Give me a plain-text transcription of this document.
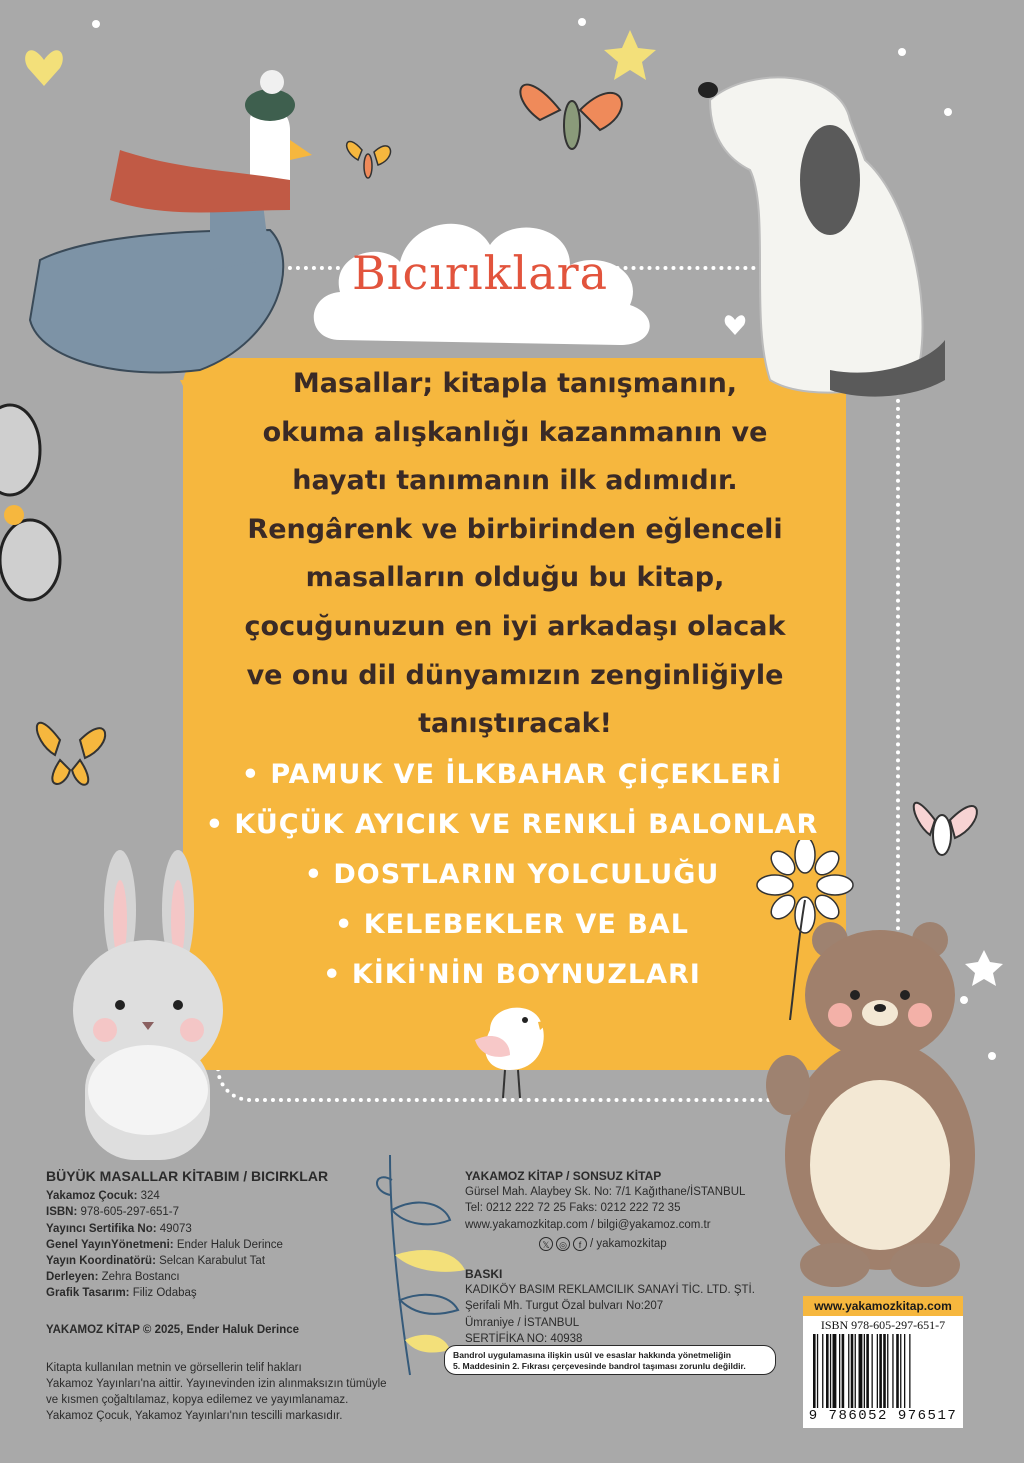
Bıcırıklara

Masallar; kitapla tanışmanın,

okuma alışkanlığı kazanmanın ve

hayatı tanımanın ilk adımıdır.

Rengârenk ve birbirinden eğlenceli

masalların olduğu bu kitap,

çocuğunuzun en iyi arkadaşı olacak

ve onu dil dünyamızın zenginliğiyle

tanıştıracak!

• PAMUK VE İLKBAHAR ÇİÇEKLERİ
• KÜÇÜK AYICIK VE RENKLİ BALONLAR
• DOSTLARIN YOLCULUĞU
• KELEBEKLER VE BAL
• KİKİ'NİN BOYNUZLARI
BÜYÜK MASALLAR KİTABIM / BICIRKLAR
Yakamoz Çocuk: 324
ISBN: 978-605-297-651-7
Yayıncı Sertifika No: 49073
Genel YayınYönetmeni: Ender Haluk Derince
Yayın Koordinatörü: Selcan Karabulut Tat
Derleyen: Zehra Bostancı
Grafik Tasarım: Filiz Odabaş
YAKAMOZ KİTAP © 2025, Ender Haluk Derince
Kitapta kullanılan metnin ve görsellerin telif hakları
Yakamoz Yayınları'na aittir. Yayınevinden izin alınmaksızın tümüyle
ve kısmen çoğaltılamaz, kopya edilemez ve yayımlanamaz.
Yakamoz Çocuk, Yakamoz Yayınları'nın tescilli markasıdır.
YAKAMOZ KİTAP / SONSUZ KİTAP
Gürsel Mah. Alaybey Sk. No: 7/1 Kağıthane/İSTANBUL
Tel: 0212 222 72 25 Faks: 0212 222 72 35
www.yakamozkitap.com / bilgi@yakamoz.com.tr
𝕏	◎	f / yakamozkitap
BASKI
KADIKÖY BASIM REKLAMCILIK SANAYİ TİC. LTD. ŞTİ.
Şerifali Mh. Turgut Özal bulvarı No:207
Ümraniye / İSTANBUL
SERTİFİKA NO: 40938
Bandrol uygulamasına ilişkin usûl ve esaslar hakkında yönetmeliğin
5. Maddesinin 2. Fıkrası çerçevesinde bandrol taşıması zorunlu değildir.
www.yakamozkitap.com
ISBN 978-605-297-651-7
9 786052 976517
